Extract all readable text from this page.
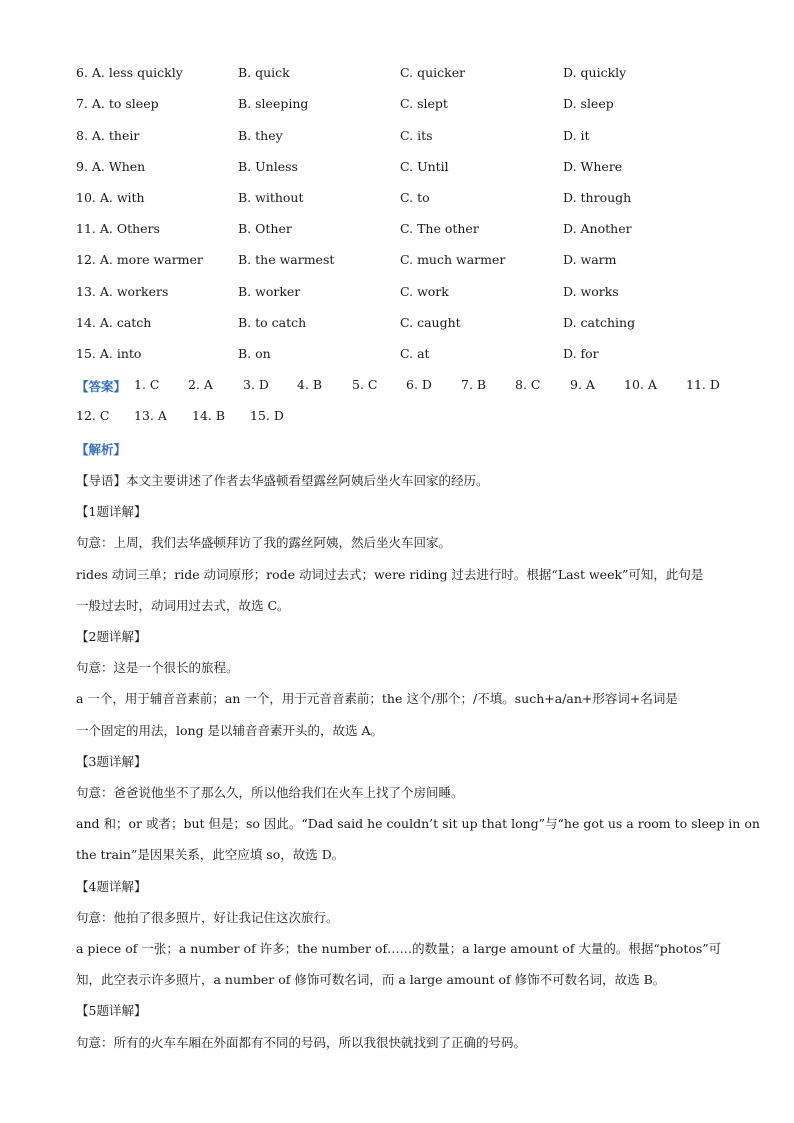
6. A. less quickly	B. quick	C. quicker	D. quickly
7. A. to sleep	B. sleeping	C. slept	D. sleep
8. A. their	B. they	C. its	D. it
9. A. When	B. Unless	C. Until	D. Where
10. A. with	B. without	C. to	D. through
11. A. Others	B. Other	C. The other	D. Another
12. A. more warmer	B. the warmest	C. much warmer	D. warm
13. A. workers	B. worker	C. work	D. works
14. A. catch	B. to catch	C. caught	D. catching
15. A. into	B. on	C. at	D. for
【答案】 1. C 2. A 3. D 4. B 5. C 6. D 7. B 8. C 9. A 10. A 11. D
12. C 13. A 14. B 15. D
【解析】
【导语】本文主要讲述了作者去华盛顿看望露丝阿姨后坐火车回家的经历。
【1题详解】
句意：上周，我们去华盛顿拜访了我的露丝阿姨，然后坐火车回家。
rides 动词三单；ride 动词原形；rode 动词过去式；were riding 过去进行时。根据“Last week”可知，此句是
一般过去时，动词用过去式，故选 C。
【2题详解】
句意：这是一个很长的旅程。
a 一个，用于辅音音素前；an 一个，用于元音音素前；the 这个/那个；/不填。such+a/an+形容词+名词是
一个固定的用法，long 是以辅音音素开头的，故选 A。
【3题详解】
句意：爸爸说他坐不了那么久，所以他给我们在火车上找了个房间睡。
and 和；or 或者；but 但是；so 因此。“Dad said he couldn’t sit up that long”与“he got us a room to sleep in on
the train”是因果关系，此空应填 so，故选 D。
【4题详解】
句意：他拍了很多照片，好让我记住这次旅行。
a piece of 一张；a number of 许多；the number of……的数量；a large amount of 大量的。根据“photos”可
知，此空表示许多照片，a number of 修饰可数名词，而 a large amount of 修饰不可数名词，故选 B。
【5题详解】
句意：所有的火车车厢在外面都有不同的号码，所以我很快就找到了正确的号码。
